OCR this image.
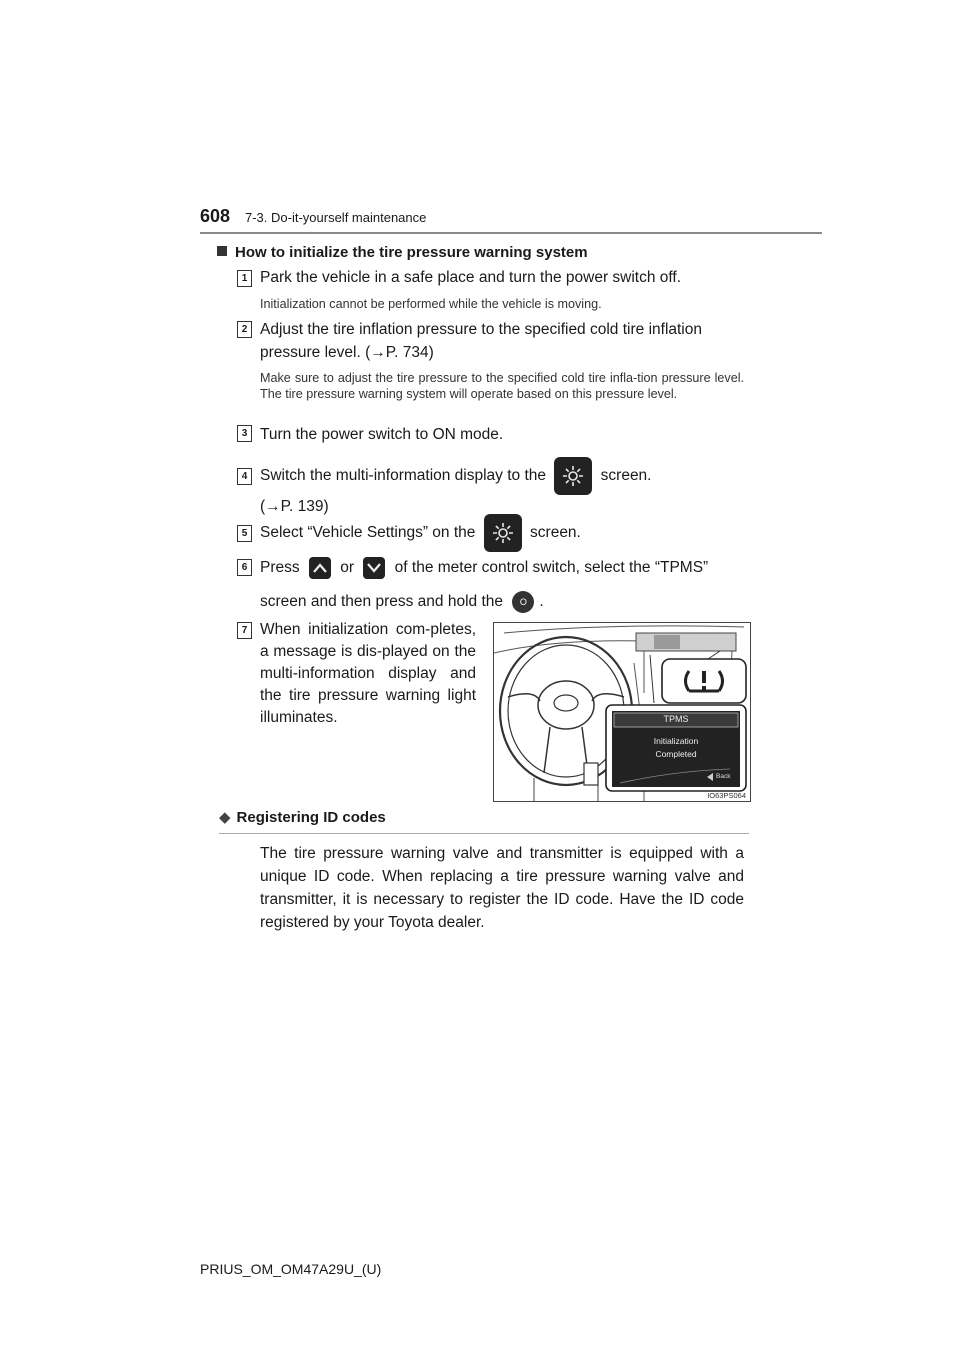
608 7-3. Do-it-yourself maintenance
How to initialize the tire pressure warning system
1 Park the vehicle in a safe place and turn the power switch off.
Initialization cannot be performed while the vehicle is moving.
2 Adjust the tire inflation pressure to the specified cold tire inflation
pressure level. (→P. 734)
Make sure to adjust the tire pressure to the specified cold tire infla-tion pressure level. The tire pressure warning system will operate based on this pressure level.
3 Turn the power switch to ON mode.
4 Switch the multi-information display to the	screen.
(→P. 139)
5 Select “Vehicle Settings” on the	screen.
6 Press	or	of the meter control switch, select the “TPMS”
screen and then press and hold the	O .
7 When initialization com-pletes, a message is dis-played on the multi-information display and the tire pressure warning light illuminates.	TPMS
Initialization
Completed
Back
IO63PS064
◆ Registering ID codes
The tire pressure warning valve and transmitter is equipped with a unique ID code. When replacing a tire pressure warning valve and transmitter, it is necessary to register the ID code. Have the ID code registered by your Toyota dealer.
PRIUS_OM_OM47A29U_(U)
